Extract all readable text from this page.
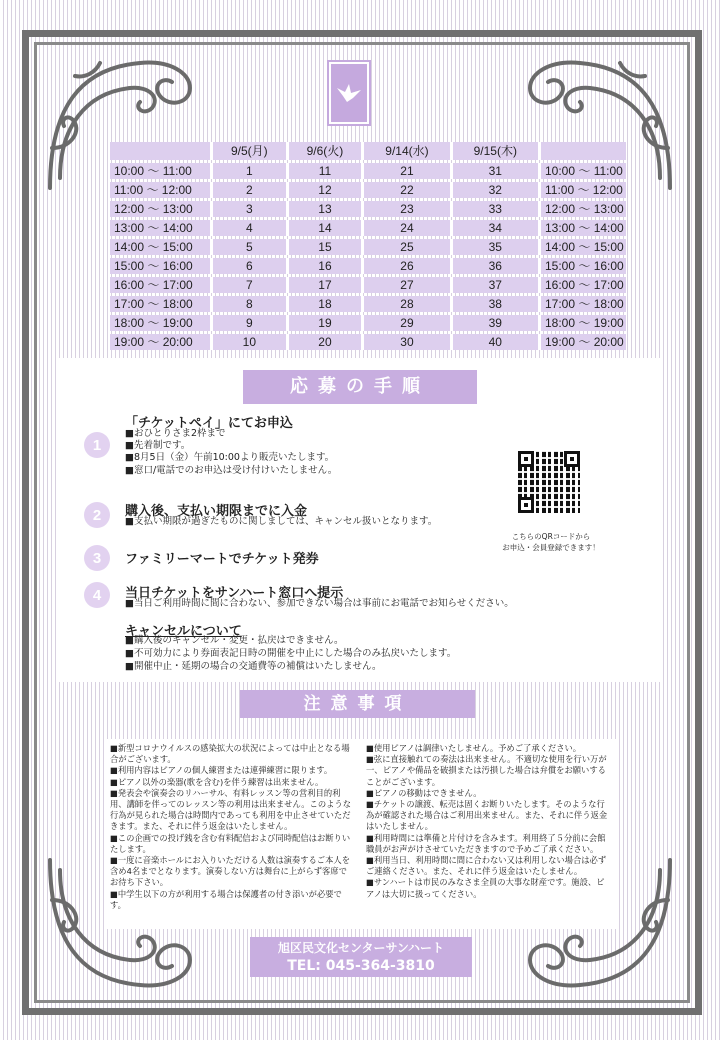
	9/5(月)	9/6(火)	9/14(水)	9/15(木)	
10:00 〜 11:00	1	11	21	31	10:00 〜 11:00
11:00 〜 12:00	2	12	22	32	11:00 〜 12:00
12:00 〜 13:00	3	13	23	33	12:00 〜 13:00
13:00 〜 14:00	4	14	24	34	13:00 〜 14:00
14:00 〜 15:00	5	15	25	35	14:00 〜 15:00
15:00 〜 16:00	6	16	26	36	15:00 〜 16:00
16:00 〜 17:00	7	17	27	37	16:00 〜 17:00
17:00 〜 18:00	8	18	28	38	17:00 〜 18:00
18:00 〜 19:00	9	19	29	39	18:00 〜 19:00
19:00 〜 20:00	10	20	30	40	19:00 〜 20:00
応募の手順
1
「チケットペイ」にてお申込
■おひとりさま2枠まで
■先着制です。
■8月5日（金）午前10:00より販売いたします。
■窓口/電話でのお申込は受け付けいたしません。
2	購入後、支払い期限までに入金
■支払い期限が過ぎたものに関しましては、キャンセル扱いとなります。
3	ファミリーマートでチケット発券
4	当日チケットをサンハート窓口へ提示
■当日ご利用時間に間に合わない、参加できない場合は事前にお電話でお知らせください。
こちらのQRコードから
お申込・会員登録できます！
キャンセルについて
■購入後のキャンセル・変更・払戻はできません。
■不可効力により券面表記日時の開催を中止にした場合のみ払戻いたします。
■開催中止・延期の場合の交通費等の補償はいたしません。
注意事項

■新型コロナウイルスの感染拡大の状況によっては中止となる場合がございます。

■利用内容はピアノの個人練習または連弾練習に限ります。

■ピアノ以外の楽器(歌を含む)を伴う練習は出来ません。

■発表会や演奏会のリハーサル、有料レッスン等の営利目的利用、講師を伴ってのレッスン等の利用は出来ません。このような行為が見られた場合は時間内であっても利用を中止させていただきます。また、それに伴う返金はいたしません。

■この企画での投げ銭を含む有料配信および同時配信はお断りいたします。

■一度に音楽ホールにお入りいただける人数は演奏するご本人を含め4名までとなります。演奏しない方は舞台に上がらず客席でお待ち下さい。

■中学生以下の方が利用する場合は保護者の付き添いが必要です。

■使用ピアノは調律いたしません。予めご了承ください。

■弦に直接触れての奏法は出来ません。不適切な使用を行い万が一、ピアノや備品を破損または汚損した場合は弁償をお願いすることがございます。

■ピアノの移動はできません。

■チケットの譲渡、転売は固くお断りいたします。そのような行為が確認された場合はご利用出来ません。また、それに伴う返金はいたしません。

■利用時間には準備と片付けを含みます。利用終了５分前に会館職員がお声がけさせていただきますので予めご了承ください。

■利用当日、利用時間に間に合わない又は利用しない場合は必ずご連絡ください。また、それに伴う返金はいたしません。

■サンハートは市民のみなさま全員の大事な財産です。施設、ピアノは大切に扱ってください。

旭区民文化センターサンハート
TEL: 045-364-3810
